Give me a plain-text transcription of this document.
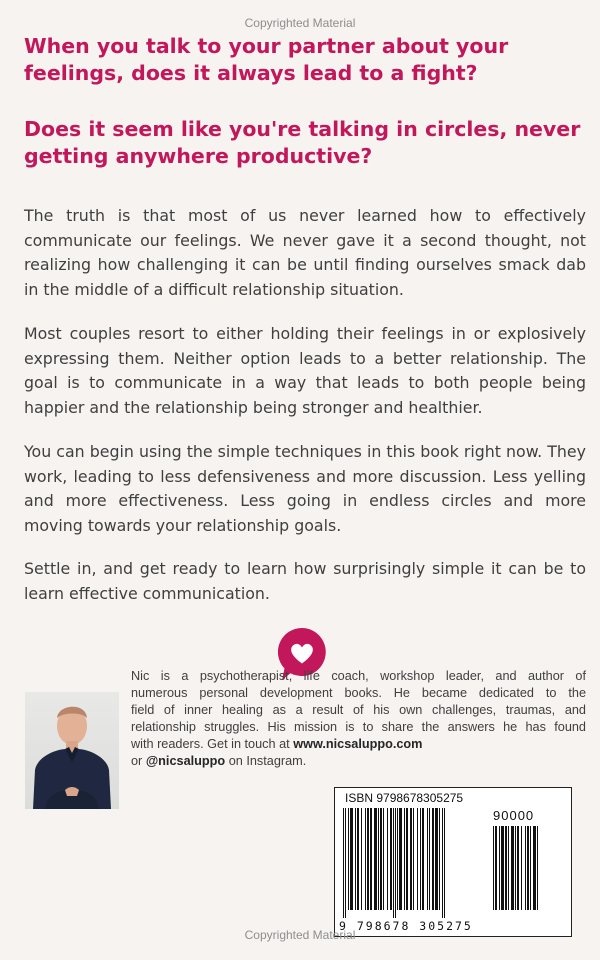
Copyrighted Material

When you talk to your partner about your feelings, does it always lead to a fight?

Does it seem like you're talking in circles, never getting anywhere productive?

The truth is that most of us never learned how to effectively communicate our feelings. We never gave it a second thought, not realizing how challenging it can be until finding ourselves smack dab in the middle of a difficult relationship situation.

Most couples resort to either holding their feelings in or explosively expressing them. Neither option leads to a better relationship. The goal is to communicate in a way that leads to both people being happier and the relationship being stronger and healthier.

You can begin using the simple techniques in this book right now. They work, leading to less defensiveness and more discussion. Less yelling and more effectiveness. Less going in endless circles and more moving towards your relationship goals.

Settle in, and get ready to learn how surprisingly simple it can be to learn effective communication.

Nic is a psychotherapist, life coach, workshop leader, and author of
numerous personal development books. He became dedicated to the
field of inner healing as a result of his own challenges, traumas, and
relationship struggles. His mission is to share the answers he has found
with readers. Get in touch at www.nicsaluppo.com
or @nicsaluppo on Instagram.
ISBN 9798678305275
90000
9 798678 305275
Copyrighted Material
